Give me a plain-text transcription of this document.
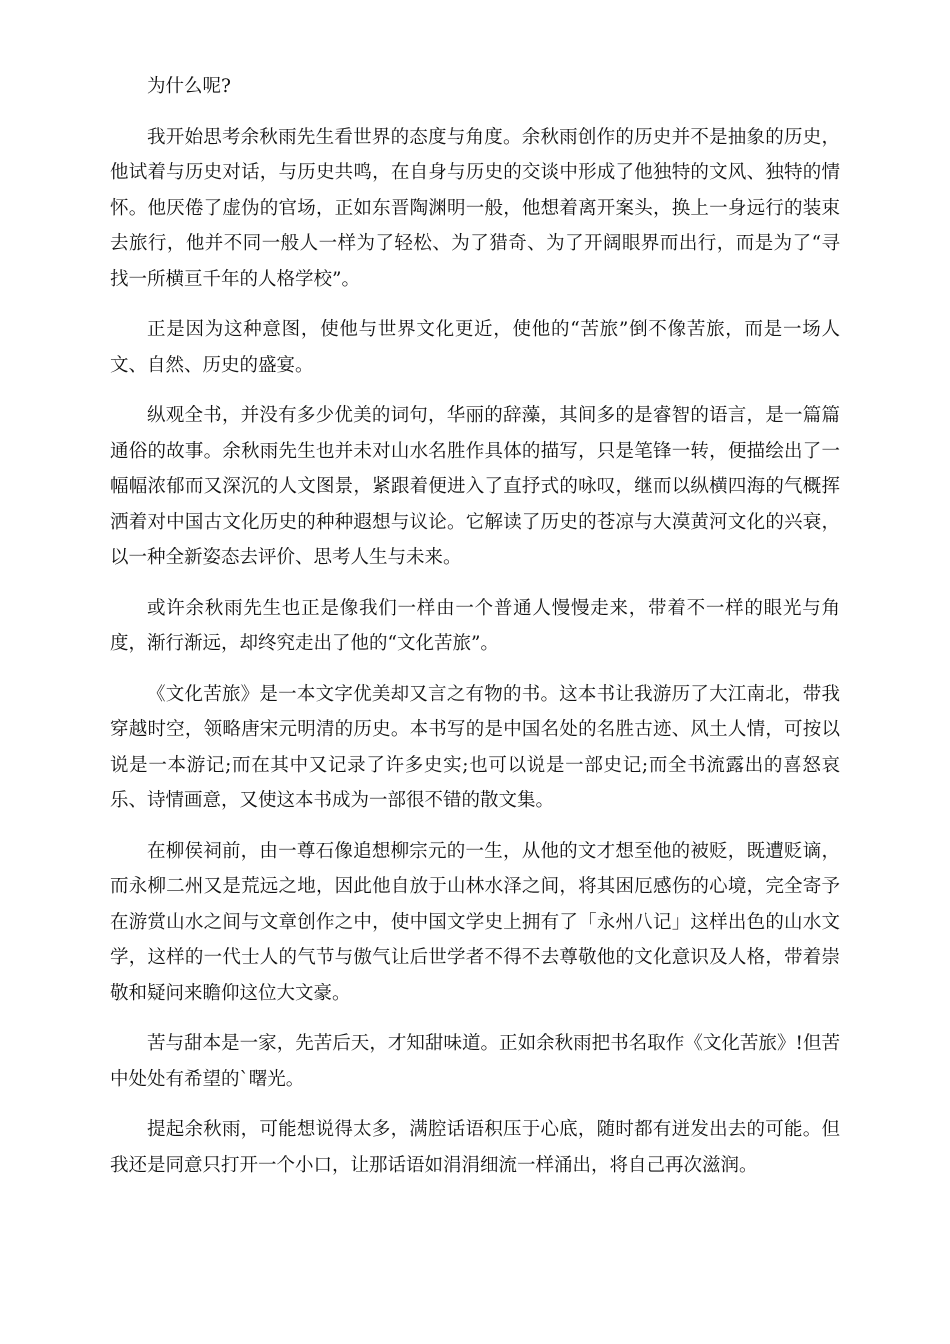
为什么呢?

我开始思考余秋雨先生看世界的态度与角度。余秋雨创作的历史并不是抽象的历史，他试着与历史对话，与历史共鸣，在自身与历史的交谈中形成了他独特的文风、独特的情怀。他厌倦了虚伪的官场，正如东晋陶渊明一般，他想着离开案头，换上一身远行的装束去旅行，他并不同一般人一样为了轻松、为了猎奇、为了开阔眼界而出行，而是为了“寻找一所横亘千年的人格学校”。

正是因为这种意图，使他与世界文化更近，使他的“苦旅”倒不像苦旅，而是一场人文、自然、历史的盛宴。

纵观全书，并没有多少优美的词句，华丽的辞藻，其间多的是睿智的语言，是一篇篇通俗的故事。余秋雨先生也并未对山水名胜作具体的描写，只是笔锋一转，便描绘出了一幅幅浓郁而又深沉的人文图景，紧跟着便进入了直抒式的咏叹，继而以纵横四海的气概挥洒着对中国古文化历史的种种遐想与议论。它解读了历史的苍凉与大漠黄河文化的兴衰，以一种全新姿态去评价、思考人生与未来。

或许余秋雨先生也正是像我们一样由一个普通人慢慢走来，带着不一样的眼光与角度，渐行渐远，却终究走出了他的“文化苦旅”。

《文化苦旅》是一本文字优美却又言之有物的书。这本书让我游历了大江南北，带我穿越时空，领略唐宋元明清的历史。本书写的是中国名处的名胜古迹、风土人情，可按以说是一本游记;而在其中又记录了许多史实;也可以说是一部史记;而全书流露出的喜怒哀乐、诗情画意，又使这本书成为一部很不错的散文集。

在柳侯祠前，由一尊石像追想柳宗元的一生，从他的文才想至他的被贬，既遭贬谪，而永柳二州又是荒远之地，因此他自放于山林水泽之间，将其困厄感伤的心境，完全寄予在游赏山水之间与文章创作之中，使中国文学史上拥有了「永州八记」这样出色的山水文学，这样的一代士人的气节与傲气让后世学者不得不去尊敬他的文化意识及人格，带着崇敬和疑问来瞻仰这位大文豪。

苦与甜本是一家，先苦后天，才知甜味道。正如余秋雨把书名取作《文化苦旅》!但苦中处处有希望的`曙光。

提起余秋雨，可能想说得太多，满腔话语积压于心底，随时都有迸发出去的可能。但我还是同意只打开一个小口，让那话语如涓涓细流一样涌出，将自己再次滋润。
